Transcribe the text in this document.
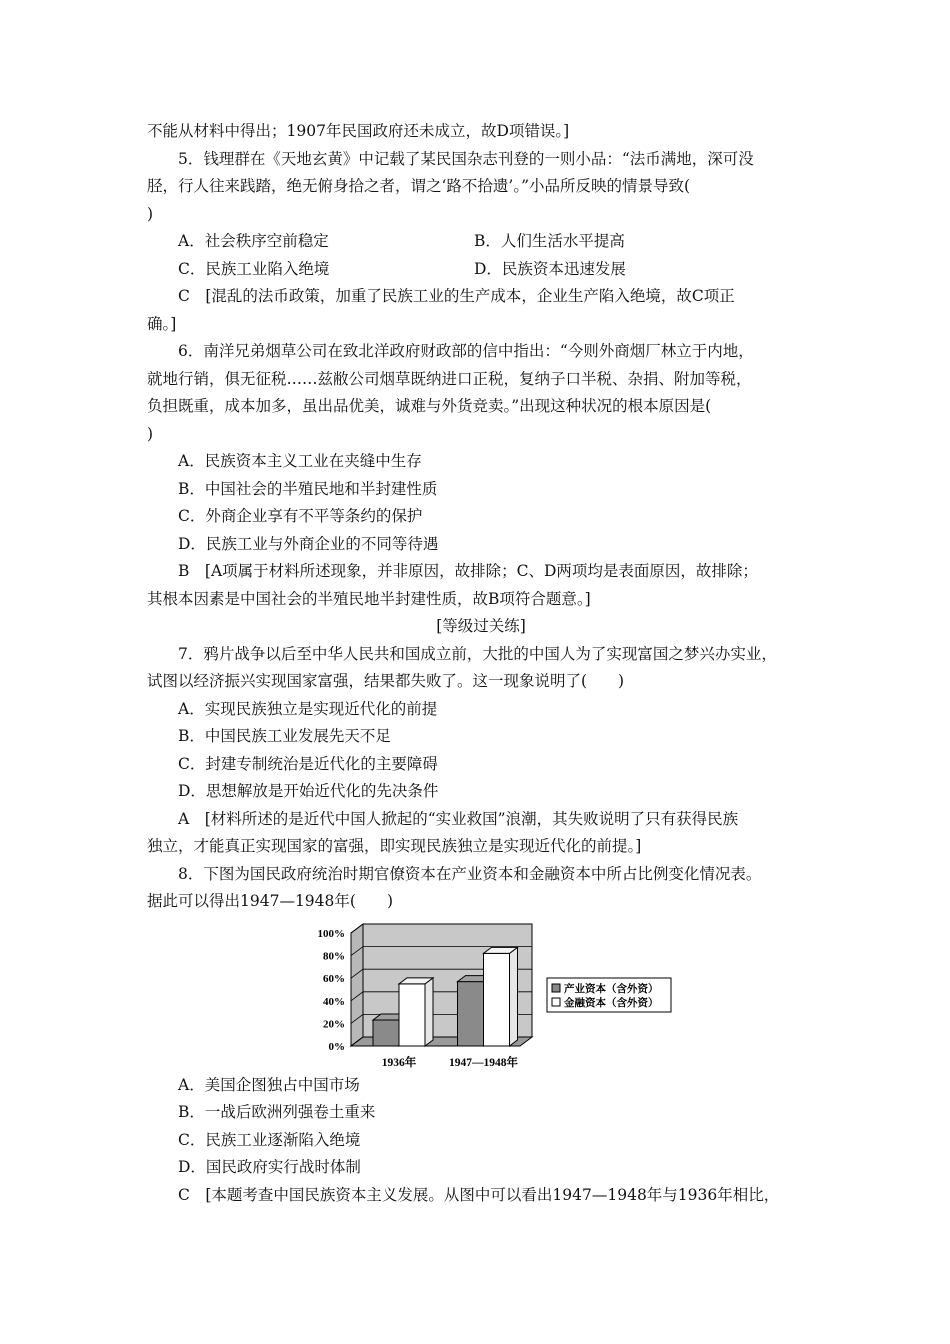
不能从材料中得出；1907年民国政府还未成立，故D项错误。]
5．钱理群在《天地玄黄》中记载了某民国杂志刊登的一则小品：“法币满地，深可没
胫，行人往来践踏，绝无俯身拾之者，谓之‘路不拾遗’。”小品所反映的情景导致(
)
A．社会秩序空前稳定	B．人们生活水平提高
C．民族工业陷入绝境	D．民族资本迅速发展
C　[混乱的法币政策，加重了民族工业的生产成本，企业生产陷入绝境，故C项正
确。]
6．南洋兄弟烟草公司在致北洋政府财政部的信中指出：“今则外商烟厂林立于内地，
就地行销，俱无征税……兹敝公司烟草既纳进口正税，复纳子口半税、杂捐、附加等税，
负担既重，成本加多，虽出品优美，诚难与外货竞卖。”出现这种状况的根本原因是(
)
A．民族资本主义工业在夹缝中生存
B．中国社会的半殖民地和半封建性质
C．外商企业享有不平等条约的保护
D．民族工业与外商企业的不同等待遇
B　[A项属于材料所述现象，并非原因，故排除；C、D两项均是表面原因，故排除；
其根本因素是中国社会的半殖民地半封建性质，故B项符合题意。]
[等级过关练]
7．鸦片战争以后至中华人民共和国成立前，大批的中国人为了实现富国之梦兴办实业，
试图以经济振兴实现国家富强，结果都失败了。这一现象说明了(　　)
A．实现民族独立是实现近代化的前提
B．中国民族工业发展先天不足
C．封建专制统治是近代化的主要障碍
D．思想解放是开始近代化的先决条件
A　[材料所述的是近代中国人掀起的“实业救国”浪潮，其失败说明了只有获得民族
独立，才能真正实现国家的富强，即实现民族独立是实现近代化的前提。]
8．下图为国民政府统治时期官僚资本在产业资本和金融资本中所占比例变化情况表。
据此可以得出1947—1948年(　　)
100%
80%
60%
40%
20%
0%
1936年	1947—1948年
产业资本（含外资）
金融资本（含外资）
A．美国企图独占中国市场
B．一战后欧洲列强卷土重来
C．民族工业逐渐陷入绝境
D．国民政府实行战时体制
C　[本题考查中国民族资本主义发展。从图中可以看出1947—1948年与1936年相比，
